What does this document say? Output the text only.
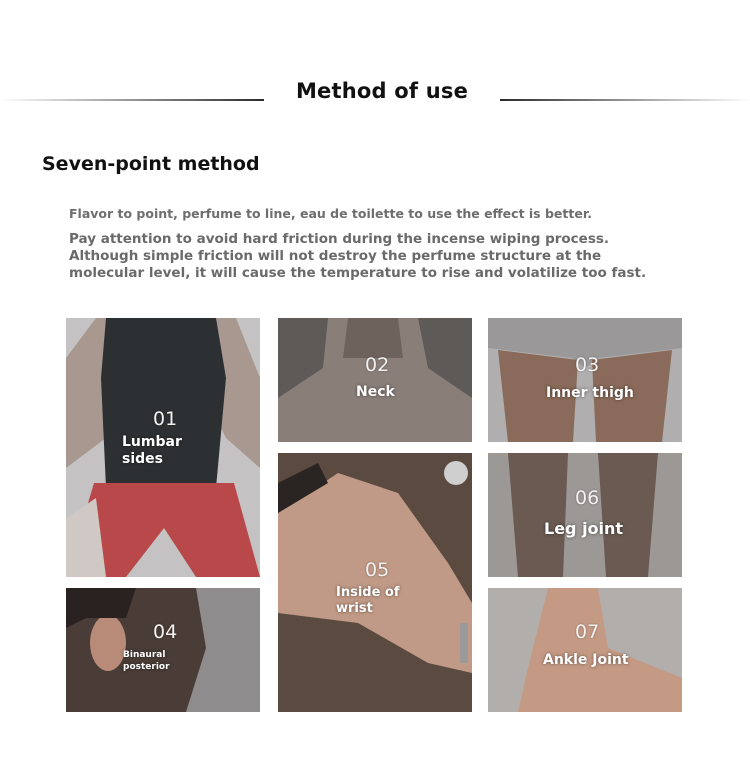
Method of use
Seven-point method
Flavor to point, perfume to line, eau de toilette to use the effect is better.
Pay attention to avoid hard friction during the incense wiping process. Although simple friction will not destroy the perfume structure at the molecular level, it will cause the temperature to rise and volatilize too fast.
01
Lumbar sides
02
Neck
03
Inner thigh
04
Binaural posterior
05
Inside of wrist
06
Leg joint
07
Ankle Joint
